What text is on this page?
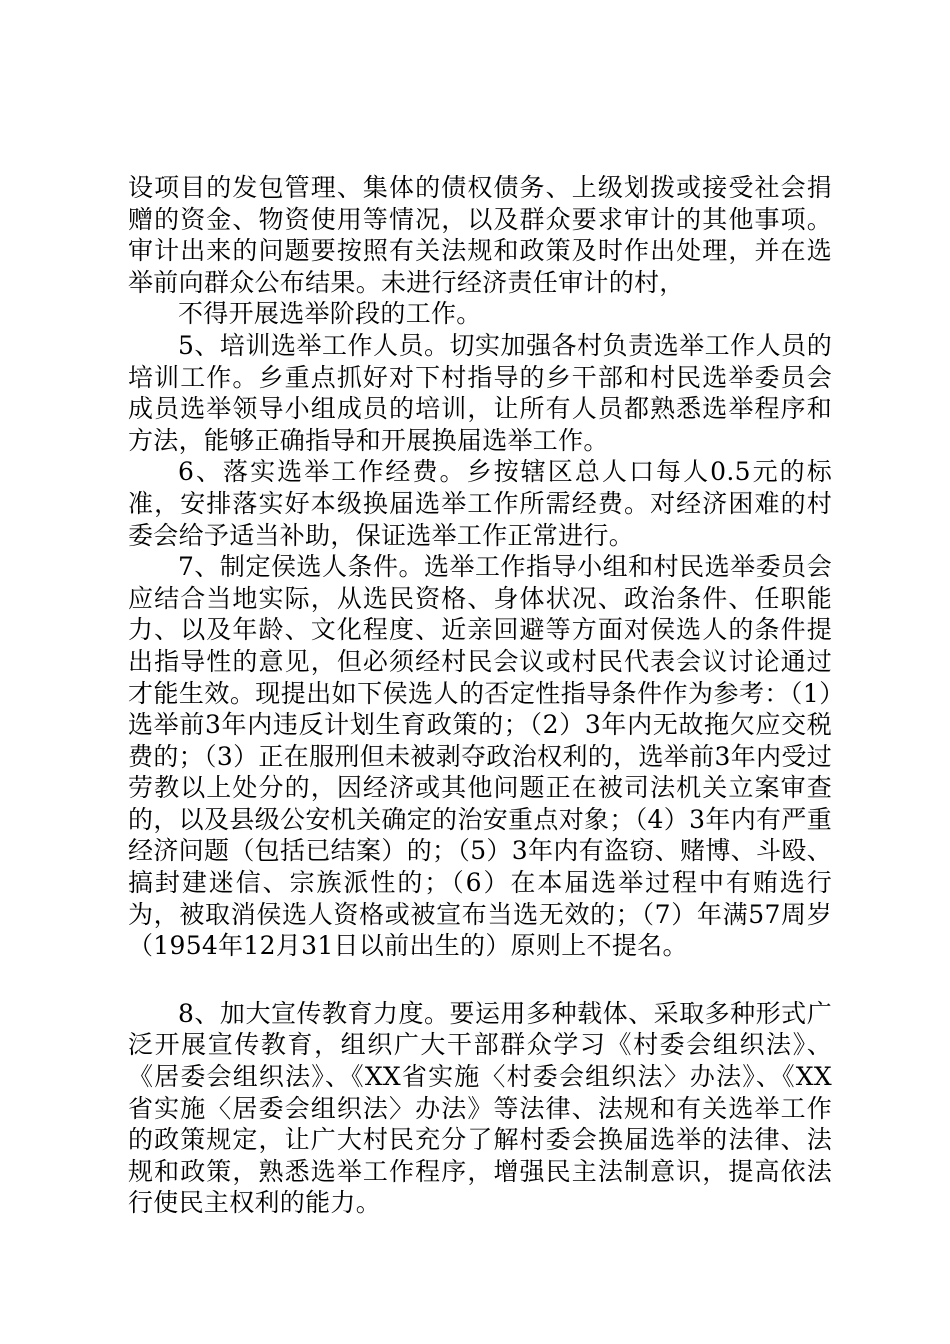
设项目的发包管理、集体的债权债务、上级划拨或接受社会捐赠的资金、物资使用等情况，以及群众要求审计的其他事项。审计出来的问题要按照有关法规和政策及时作出处理，并在选举前向群众公布结果。未进行经济责任审计的村，

不得开展选举阶段的工作。

5、培训选举工作人员。切实加强各村负责选举工作人员的培训工作。乡重点抓好对下村指导的乡干部和村民选举委员会成员选举领导小组成员的培训，让所有人员都熟悉选举程序和方法，能够正确指导和开展换届选举工作。

6、落实选举工作经费。乡按辖区总人口每人0.5元的标准，安排落实好本级换届选举工作所需经费。对经济困难的村委会给予适当补助，保证选举工作正常进行。

7、制定侯选人条件。选举工作指导小组和村民选举委员会应结合当地实际，从选民资格、身体状况、政治条件、任职能力、以及年龄、文化程度、近亲回避等方面对侯选人的条件提出指导性的意见，但必须经村民会议或村民代表会议讨论通过才能生效。现提出如下侯选人的否定性指导条件作为参考：（1）选举前3年内违反计划生育政策的；（2）3年内无故拖欠应交税费的；（3）正在服刑但未被剥夺政治权利的，选举前3年内受过劳教以上处分的，因经济或其他问题正在被司法机关立案审查的，以及县级公安机关确定的治安重点对象；（4）3年内有严重经济问题（包括已结案）的；（5）3年内有盗窃、赌博、斗殴、搞封建迷信、宗族派性的；（6）在本届选举过程中有贿选行为，被取消侯选人资格或被宣布当选无效的；（7）年满57周岁（1954年12月31日以前出生的）原则上不提名。

8、加大宣传教育力度。要运用多种载体、采取多种形式广泛开展宣传教育，组织广大干部群众学习《村委会组织法》、《居委会组织法》、《XX省实施〈村委会组织法〉办法》、《XX省实施〈居委会组织法〉办法》等法律、法规和有关选举工作的政策规定，让广大村民充分了解村委会换届选举的法律、法规和政策，熟悉选举工作程序，增强民主法制意识，提高依法行使民主权利的能力。
